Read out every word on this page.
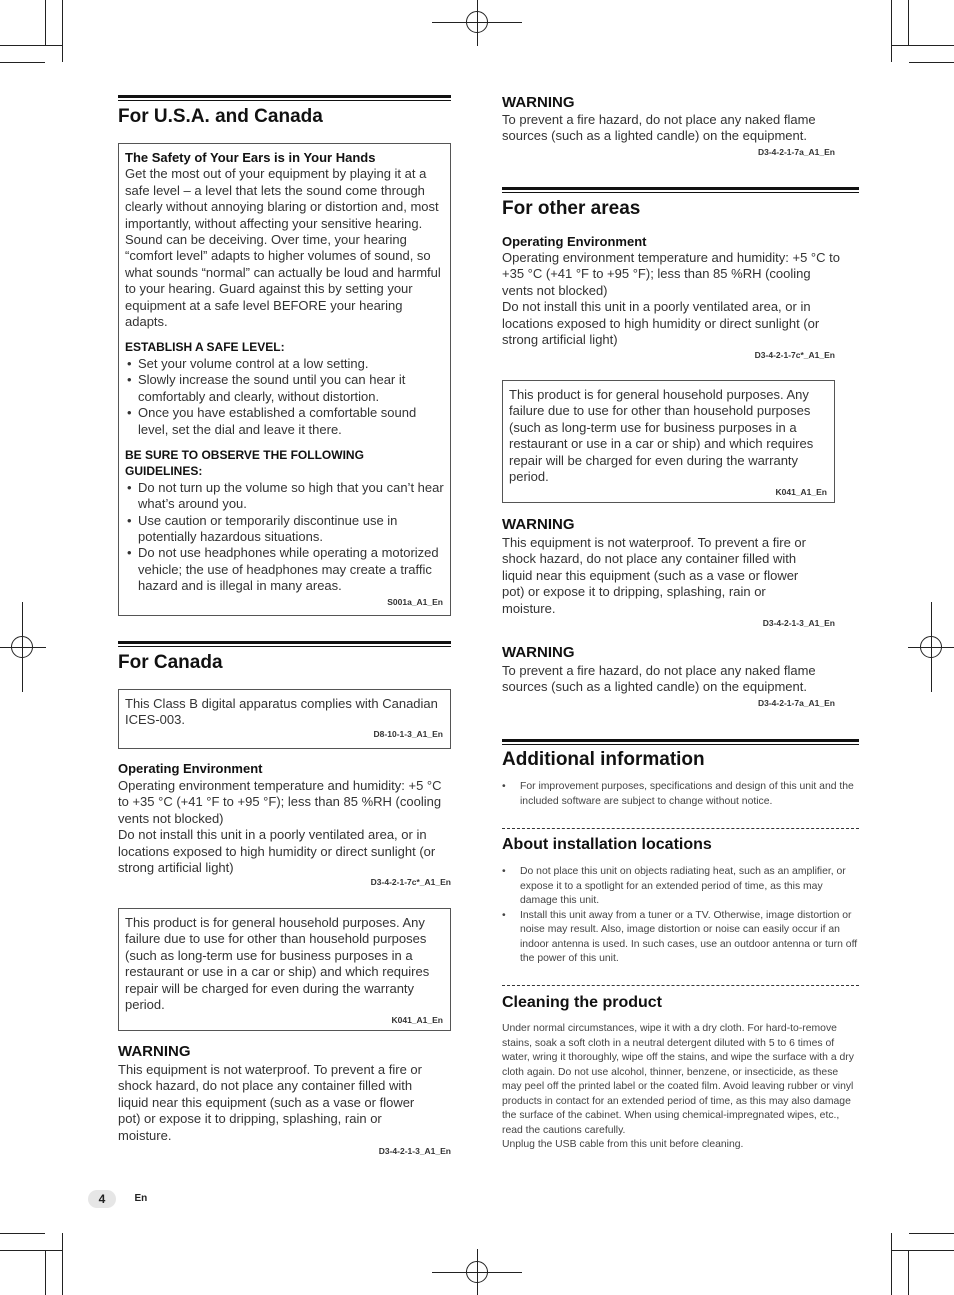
For U.S.A. and Canada
The Safety of Your Ears is in Your Hands
Get the most out of your equipment by playing it at a safe level – a level that lets the sound come through clearly without annoying blaring or distortion and, most importantly, without affecting your sensitive hearing. Sound can be deceiving. Over time, your hearing “comfort level” adapts to higher volumes of sound, so what sounds “normal” can actually be loud and harmful to your hearing. Guard against this by setting your equipment at a safe level BEFORE your hearing adapts.
ESTABLISH A SAFE LEVEL:
• Set your volume control at a low setting.
• Slowly increase the sound until you can hear it comfortably and clearly, without distortion.
• Once you have established a comfortable sound level, set the dial and leave it there.
BE SURE TO OBSERVE THE FOLLOWING GUIDELINES:
• Do not turn up the volume so high that you can’t hear what’s around you.
• Use caution or temporarily discontinue use in potentially hazardous situations.
• Do not use headphones while operating a motorized vehicle; the use of headphones may create a traffic hazard and is illegal in many areas.
S001a_A1_En
For Canada
This Class B digital apparatus complies with Canadian ICES-003.
D8-10-1-3_A1_En
Operating Environment
Operating environment temperature and humidity: +5 °C to +35 °C (+41 °F to +95 °F); less than 85 %RH (cooling vents not blocked)
Do not install this unit in a poorly ventilated area, or in locations exposed to high humidity or direct sunlight (or strong artificial light)
D3-4-2-1-7c*_A1_En
This product is for general household purposes. Any failure due to use for other than household purposes (such as long-term use for business purposes in a restaurant or use in a car or ship) and which requires repair will be charged for even during the warranty period.
K041_A1_En
WARNING
This equipment is not waterproof. To prevent a fire or shock hazard, do not place any container filled with liquid near this equipment (such as a vase or flower pot) or expose it to dripping, splashing, rain or moisture.
D3-4-2-1-3_A1_En
WARNING
To prevent a fire hazard, do not place any naked flame sources (such as a lighted candle) on the equipment.
D3-4-2-1-7a_A1_En
For other areas
Operating Environment
Operating environment temperature and humidity: +5 °C to +35 °C (+41 °F to +95 °F); less than 85 %RH (cooling vents not blocked)
Do not install this unit in a poorly ventilated area, or in locations exposed to high humidity or direct sunlight (or strong artificial light)
D3-4-2-1-7c*_A1_En
This product is for general household purposes. Any failure due to use for other than household purposes (such as long-term use for business purposes in a restaurant or use in a car or ship) and which requires repair will be charged for even during the warranty period.
K041_A1_En
WARNING
This equipment is not waterproof. To prevent a fire or shock hazard, do not place any container filled with liquid near this equipment (such as a vase or flower pot) or expose it to dripping, splashing, rain or moisture.
D3-4-2-1-3_A1_En
WARNING
To prevent a fire hazard, do not place any naked flame sources (such as a lighted candle) on the equipment.
D3-4-2-1-7a_A1_En
Additional information
• For improvement purposes, specifications and design of this unit and the included software are subject to change without notice.
About installation locations
• Do not place this unit on objects radiating heat, such as an amplifier, or expose it to a spotlight for an extended period of time, as this may damage this unit.
• Install this unit away from a tuner or a TV. Otherwise, image distortion or noise may result. Also, image distortion or noise can easily occur if an indoor antenna is used. In such cases, use an outdoor antenna or turn off the power of this unit.
Cleaning the product
Under normal circumstances, wipe it with a dry cloth. For hard-to-remove stains, soak a soft cloth in a neutral detergent diluted with 5 to 6 times of water, wring it thoroughly, wipe off the stains, and wipe the surface with a dry cloth again. Do not use alcohol, thinner, benzene, or insecticide, as these may peel off the printed label or the coated film. Avoid leaving rubber or vinyl products in contact for an extended period of time, as this may also damage the surface of the cabinet. When using chemical-impregnated wipes, etc., read the cautions carefully.
Unplug the USB cable from this unit before cleaning.
4	En
